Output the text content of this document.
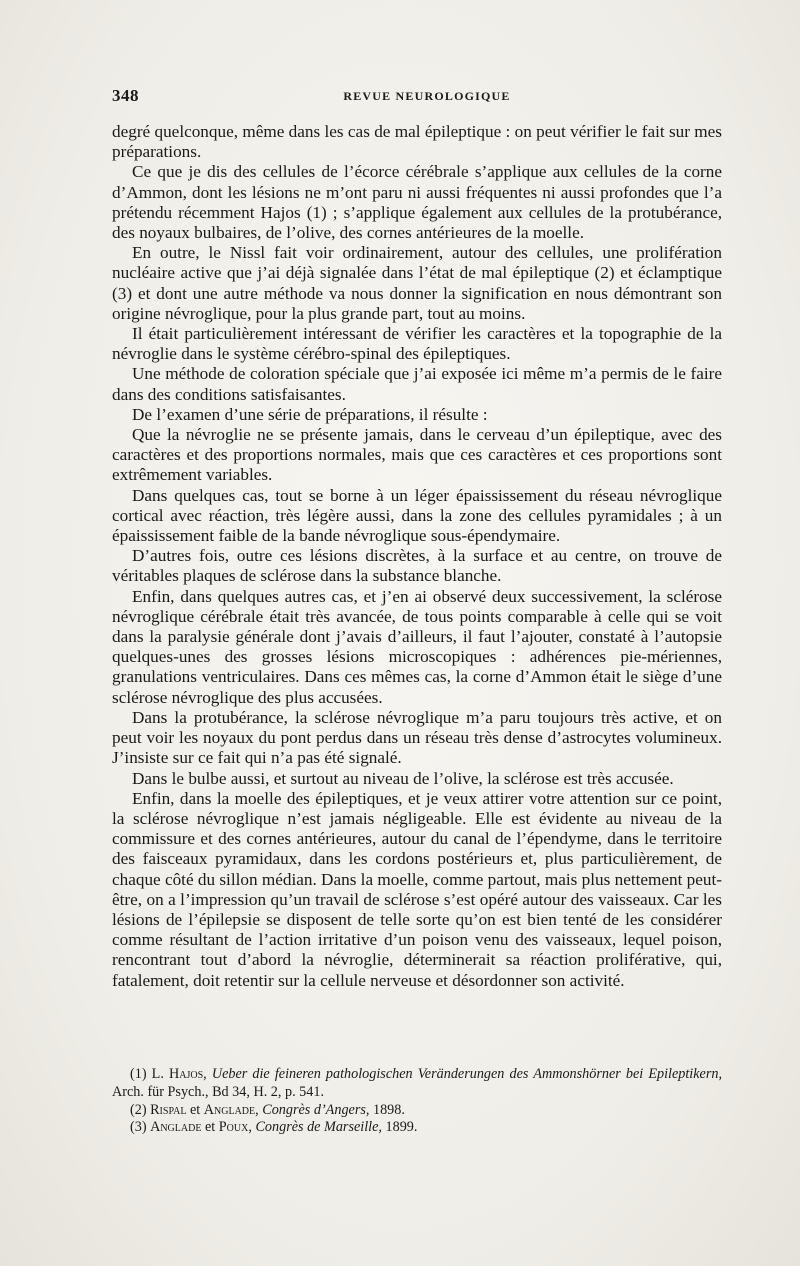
348	REVUE NEUROLOGIQUE

degré quelconque, même dans les cas de mal épileptique : on peut vérifier le fait sur mes préparations.

Ce que je dis des cellules de l’écorce cérébrale s’applique aux cellules de la corne d’Ammon, dont les lésions ne m’ont paru ni aussi fréquentes ni aussi profondes que l’a prétendu récemment Hajos (1) ; s’applique également aux cellules de la protubérance, des noyaux bulbaires, de l’olive, des cornes antérieures de la moelle.

En outre, le Nissl fait voir ordinairement, autour des cellules, une prolifération nucléaire active que j’ai déjà signalée dans l’état de mal épileptique (2) et éclamptique (3) et dont une autre méthode va nous donner la signification en nous démontrant son origine névroglique, pour la plus grande part, tout au moins.

Il était particulièrement intéressant de vérifier les caractères et la topographie de la névroglie dans le système cérébro-spinal des épileptiques.

Une méthode de coloration spéciale que j’ai exposée ici même m’a permis de le faire dans des conditions satisfaisantes.

De l’examen d’une série de préparations, il résulte :

Que la névroglie ne se présente jamais, dans le cerveau d’un épileptique, avec des caractères et des proportions normales, mais que ces caractères et ces proportions sont extrêmement variables.

Dans quelques cas, tout se borne à un léger épaississement du réseau névroglique cortical avec réaction, très légère aussi, dans la zone des cellules pyramidales ; à un épaississement faible de la bande névroglique sous-épendymaire.

D’autres fois, outre ces lésions discrètes, à la surface et au centre, on trouve de véritables plaques de sclérose dans la substance blanche.

Enfin, dans quelques autres cas, et j’en ai observé deux successivement, la sclérose névroglique cérébrale était très avancée, de tous points comparable à celle qui se voit dans la paralysie générale dont j’avais d’ailleurs, il faut l’ajouter, constaté à l’autopsie quelques-unes des grosses lésions microscopiques : adhérences pie-mériennes, granulations ventriculaires. Dans ces mêmes cas, la corne d’Ammon était le siège d’une sclérose névroglique des plus accusées.

Dans la protubérance, la sclérose névroglique m’a paru toujours très active, et on peut voir les noyaux du pont perdus dans un réseau très dense d’astrocytes volumineux. J’insiste sur ce fait qui n’a pas été signalé.

Dans le bulbe aussi, et surtout au niveau de l’olive, la sclérose est très accusée.

Enfin, dans la moelle des épileptiques, et je veux attirer votre attention sur ce point, la sclérose névroglique n’est jamais négligeable. Elle est évidente au niveau de la commissure et des cornes antérieures, autour du canal de l’épendyme, dans le territoire des faisceaux pyramidaux, dans les cordons postérieurs et, plus particulièrement, de chaque côté du sillon médian. Dans la moelle, comme partout, mais plus nettement peut-être, on a l’impression qu’un travail de sclérose s’est opéré autour des vaisseaux. Car les lésions de l’épilepsie se disposent de telle sorte qu’on est bien tenté de les considérer comme résultant de l’action irritative d’un poison venu des vaisseaux, lequel poison, rencontrant tout d’abord la névroglie, déterminerait sa réaction proliférative, qui, fatalement, doit retentir sur la cellule nerveuse et désordonner son activité.

(1) L. Hajos, Ueber die feineren pathologischen Veränderungen des Ammonshörner bei Epileptikern, Arch. für Psych., Bd 34, H. 2, p. 541.

(2) Rispal et Anglade, Congrès d’Angers, 1898.

(3) Anglade et Poux, Congrès de Marseille, 1899.
